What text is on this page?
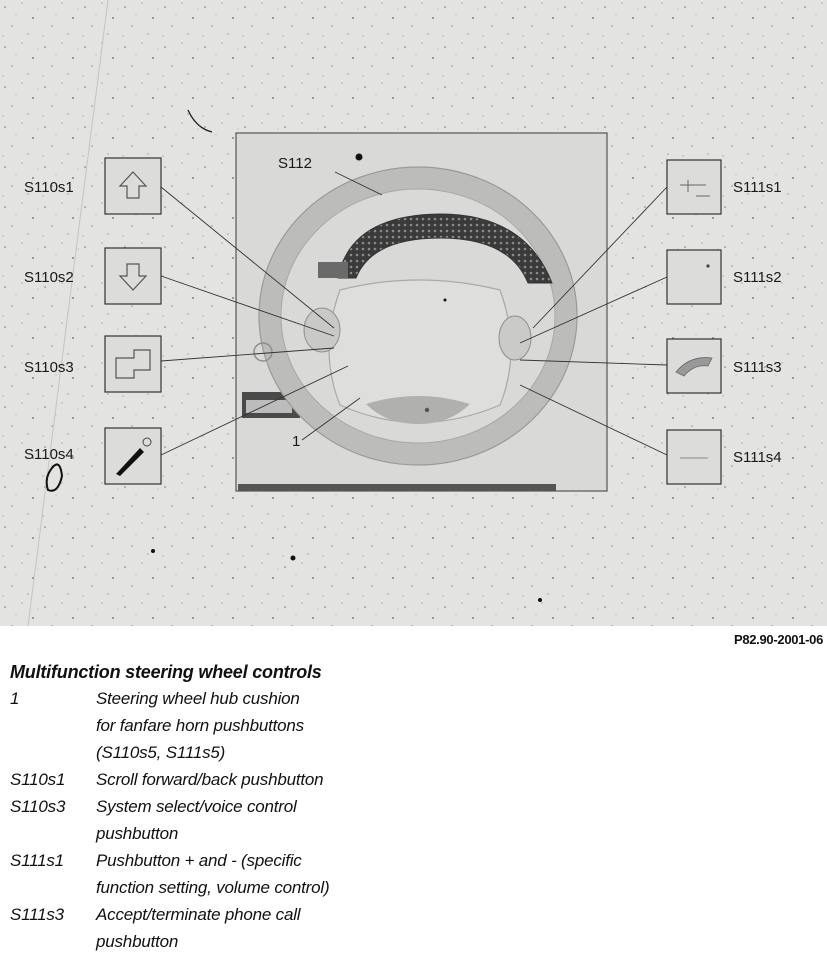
S110s1
S110s2
S110s3
S110s4
S111s1
S111s2
S111s3
S111s4
S112
1
P82.90-2001-06
Multifunction steering wheel controls
1	Steering wheel hub cushion
for fanfare horn pushbuttons
(S110s5, S111s5)
S110s1	Scroll forward/back pushbutton
S110s3	System select/voice control
pushbutton
S111s1	Pushbutton + and - (specific
function setting, volume control)
S111s3	Accept/terminate phone call
pushbutton
